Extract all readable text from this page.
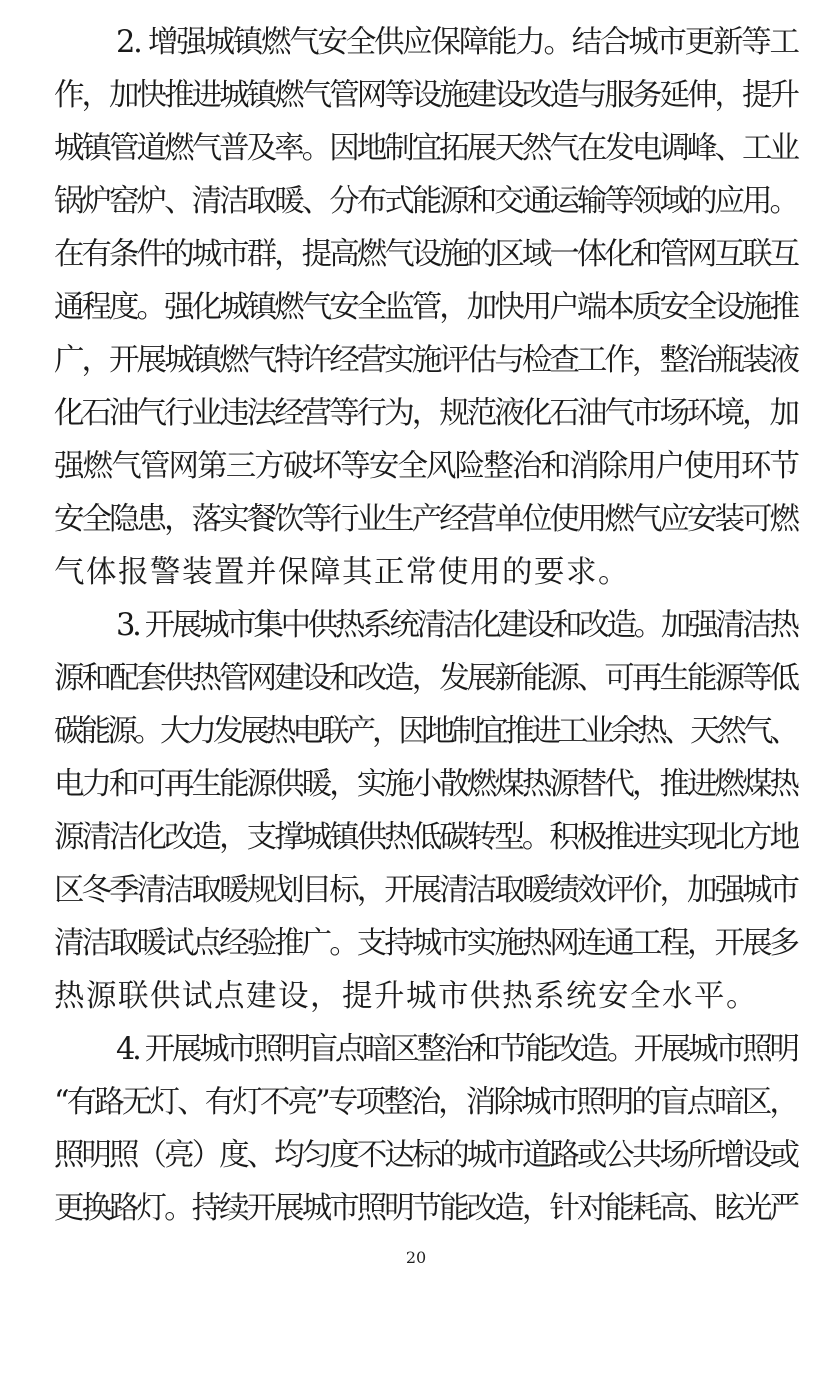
2. 增强城镇燃气安全供应保障能力。结合城市更新等工
作，加快推进城镇燃气管网等设施建设改造与服务延伸，提升
城镇管道燃气普及率。因地制宜拓展天然气在发电调峰、工业
锅炉窑炉、清洁取暖、分布式能源和交通运输等领域的应用。
在有条件的城市群，提高燃气设施的区域一体化和管网互联互
通程度。强化城镇燃气安全监管，加快用户端本质安全设施推
广，开展城镇燃气特许经营实施评估与检查工作，整治瓶装液
化石油气行业违法经营等行为，规范液化石油气市场环境，加
强燃气管网第三方破坏等安全风险整治和消除用户使用环节
安全隐患，落实餐饮等行业生产经营单位使用燃气应安装可燃
气体报警装置并保障其正常使用的要求。
3. 开展城市集中供热系统清洁化建设和改造。加强清洁热
源和配套供热管网建设和改造，发展新能源、可再生能源等低
碳能源。大力发展热电联产，因地制宜推进工业余热、天然气、
电力和可再生能源供暖，实施小散燃煤热源替代，推进燃煤热
源清洁化改造，支撑城镇供热低碳转型。积极推进实现北方地
区冬季清洁取暖规划目标，开展清洁取暖绩效评价，加强城市
清洁取暖试点经验推广。支持城市实施热网连通工程，开展多
热源联供试点建设，提升城市供热系统安全水平。
4. 开展城市照明盲点暗区整治和节能改造。开展城市照明
“有路无灯、有灯不亮”专项整治，消除城市照明的盲点暗区，
照明照（亮）度、均匀度不达标的城市道路或公共场所增设或
更换路灯。持续开展城市照明节能改造，针对能耗高、眩光严
20
